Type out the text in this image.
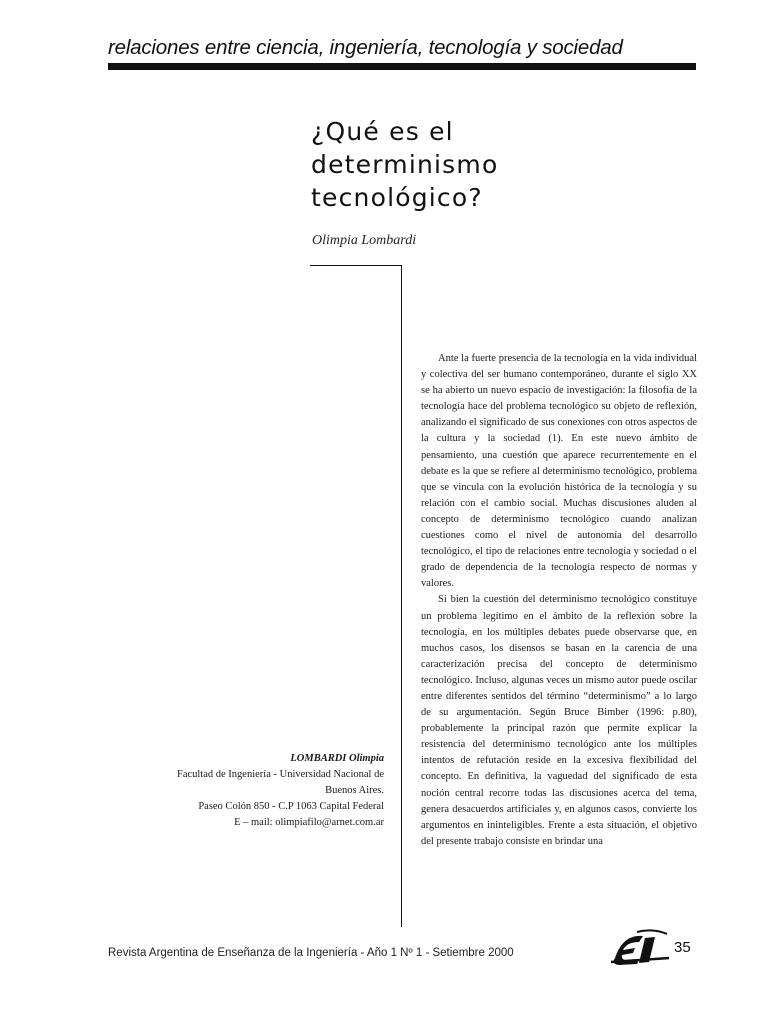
relaciones entre ciencia, ingeniería, tecnología y sociedad
¿Qué es el
determinismo
tecnológico?
Olimpia Lombardi

Ante la fuerte presencia de la tecnología en la vida individual y colectiva del ser humano contemporáneo, durante el siglo XX se ha abierto un nuevo espacio de investigación: la filosofía de la tecnología hace del problema tecnológico su objeto de reflexión, analizando el significado de sus conexiones con otros aspectos de la cultura y la sociedad (1). En este nuevo ámbito de pensamiento, una cuestión que aparece recurrentemente en el debate es la que se refiere al determinismo tecnológico, problema que se vincula con la evolución histórica de la tecnología y su relación con el cambio social. Muchas discusiones aluden al concepto de determinismo tecnológico cuando analizan cuestiones como el nivel de autonomía del desarrollo tecnológico, el tipo de relaciones entre tecnología y sociedad o el grado de dependencia de la tecnología respecto de normas y valores.

Si bien la cuestión del determinismo tecnológico constituye un problema legítimo en el ámbito de la reflexión sobre la tecnología, en los múltiples debates puede observarse que, en muchos casos, los disensos se basan en la carencia de una caracterización precisa del concepto de determinismo tecnológico. Incluso, algunas veces un mismo autor puede oscilar entre diferentes sentidos del término “determinismo” a lo largo de su argumentación. Según Bruce Bimber (1996: p.80), probablemente la principal razón que permite explicar la resistencia del determinismo tecnológico ante los múltiples intentos de refutación reside en la excesiva flexibilidad del concepto. En definitiva, la vaguedad del significado de esta noción central recorre todas las discusiones acerca del tema, genera desacuerdos artificiales y, en algunos casos, convierte los argumentos en ininteligibles. Frente a esta situación, el objetivo del presente trabajo consiste en brindar una

LOMBARDI Olimpia
Facultad de Ingeniería - Universidad Nacional de
Buenos Aires.
Paseo Colón 850 - C.P 1063 Capital Federal
E – mail: olimpiafilo@arnet.com.ar
Revista Argentina de Enseñanza de la Ingeniería - Año 1 Nº 1 - Setiembre 2000	35
